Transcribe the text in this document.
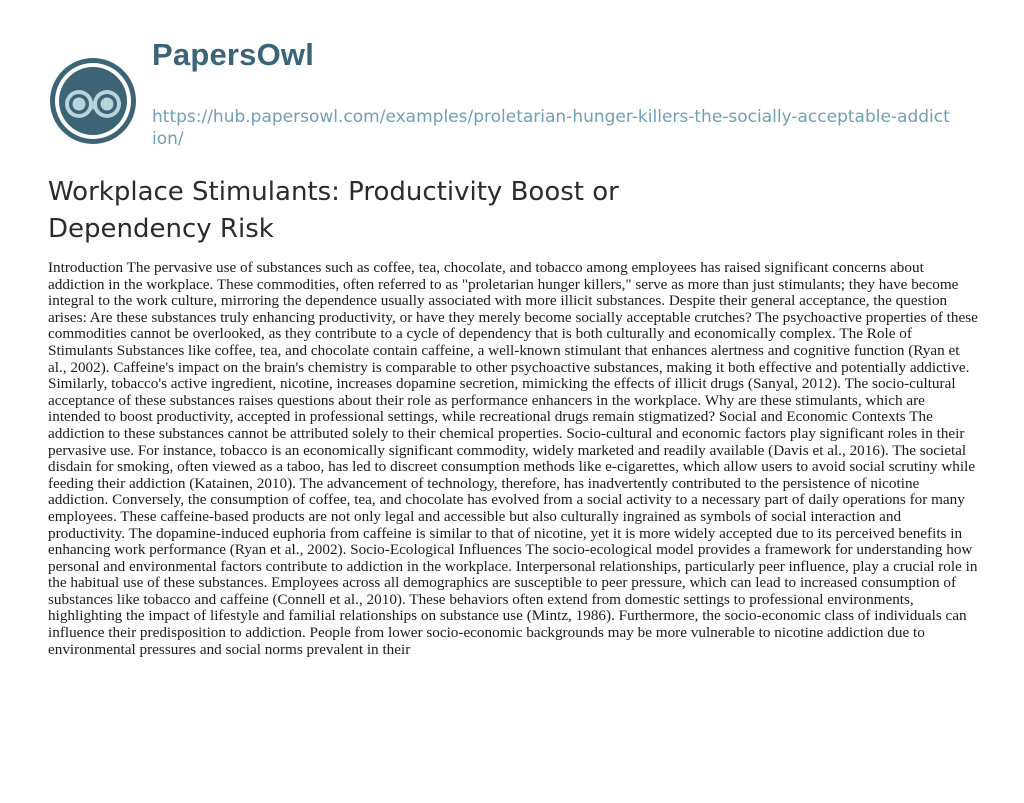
PapersOwl
https://hub.papersowl.com/examples/proletarian-hunger-killers-the-socially-acceptable-addiction/
Workplace Stimulants: Productivity Boost or Dependency Risk

Introduction The pervasive use of substances such as coffee, tea, chocolate, and tobacco among employees has raised significant concerns about addiction in the workplace. These commodities, often referred to as "proletarian hunger killers," serve as more than just stimulants; they have become integral to the work culture, mirroring the dependence usually associated with more illicit substances. Despite their general acceptance, the question arises: Are these substances truly enhancing productivity, or have they merely become socially acceptable crutches? The psychoactive properties of these commodities cannot be overlooked, as they contribute to a cycle of dependency that is both culturally and economically complex. The Role of Stimulants Substances like coffee, tea, and chocolate contain caffeine, a well-known stimulant that enhances alertness and cognitive function (Ryan et al., 2002). Caffeine's impact on the brain's chemistry is comparable to other psychoactive substances, making it both effective and potentially addictive. Similarly, tobacco's active ingredient, nicotine, increases dopamine secretion, mimicking the effects of illicit drugs (Sanyal, 2012). The socio-cultural acceptance of these substances raises questions about their role as performance enhancers in the workplace. Why are these stimulants, which are intended to boost productivity, accepted in professional settings, while recreational drugs remain stigmatized? Social and Economic Contexts The addiction to these substances cannot be attributed solely to their chemical properties. Socio-cultural and economic factors play significant roles in their pervasive use. For instance, tobacco is an economically significant commodity, widely marketed and readily available (Davis et al., 2016). The societal disdain for smoking, often viewed as a taboo, has led to discreet consumption methods like e-cigarettes, which allow users to avoid social scrutiny while feeding their addiction (Katainen, 2010). The advancement of technology, therefore, has inadvertently contributed to the persistence of nicotine addiction. Conversely, the consumption of coffee, tea, and chocolate has evolved from a social activity to a necessary part of daily operations for many employees. These caffeine-based products are not only legal and accessible but also culturally ingrained as symbols of social interaction and productivity. The dopamine-induced euphoria from caffeine is similar to that of nicotine, yet it is more widely accepted due to its perceived benefits in enhancing work performance (Ryan et al., 2002). Socio-Ecological Influences The socio-ecological model provides a framework for understanding how personal and environmental factors contribute to addiction in the workplace. Interpersonal relationships, particularly peer influence, play a crucial role in the habitual use of these substances. Employees across all demographics are susceptible to peer pressure, which can lead to increased consumption of substances like tobacco and caffeine (Connell et al., 2010). These behaviors often extend from domestic settings to professional environments, highlighting the impact of lifestyle and familial relationships on substance use (Mintz, 1986). Furthermore, the socio-economic class of individuals can influence their predisposition to addiction. People from lower socio-economic backgrounds may be more vulnerable to nicotine addiction due to environmental pressures and social norms prevalent in their
